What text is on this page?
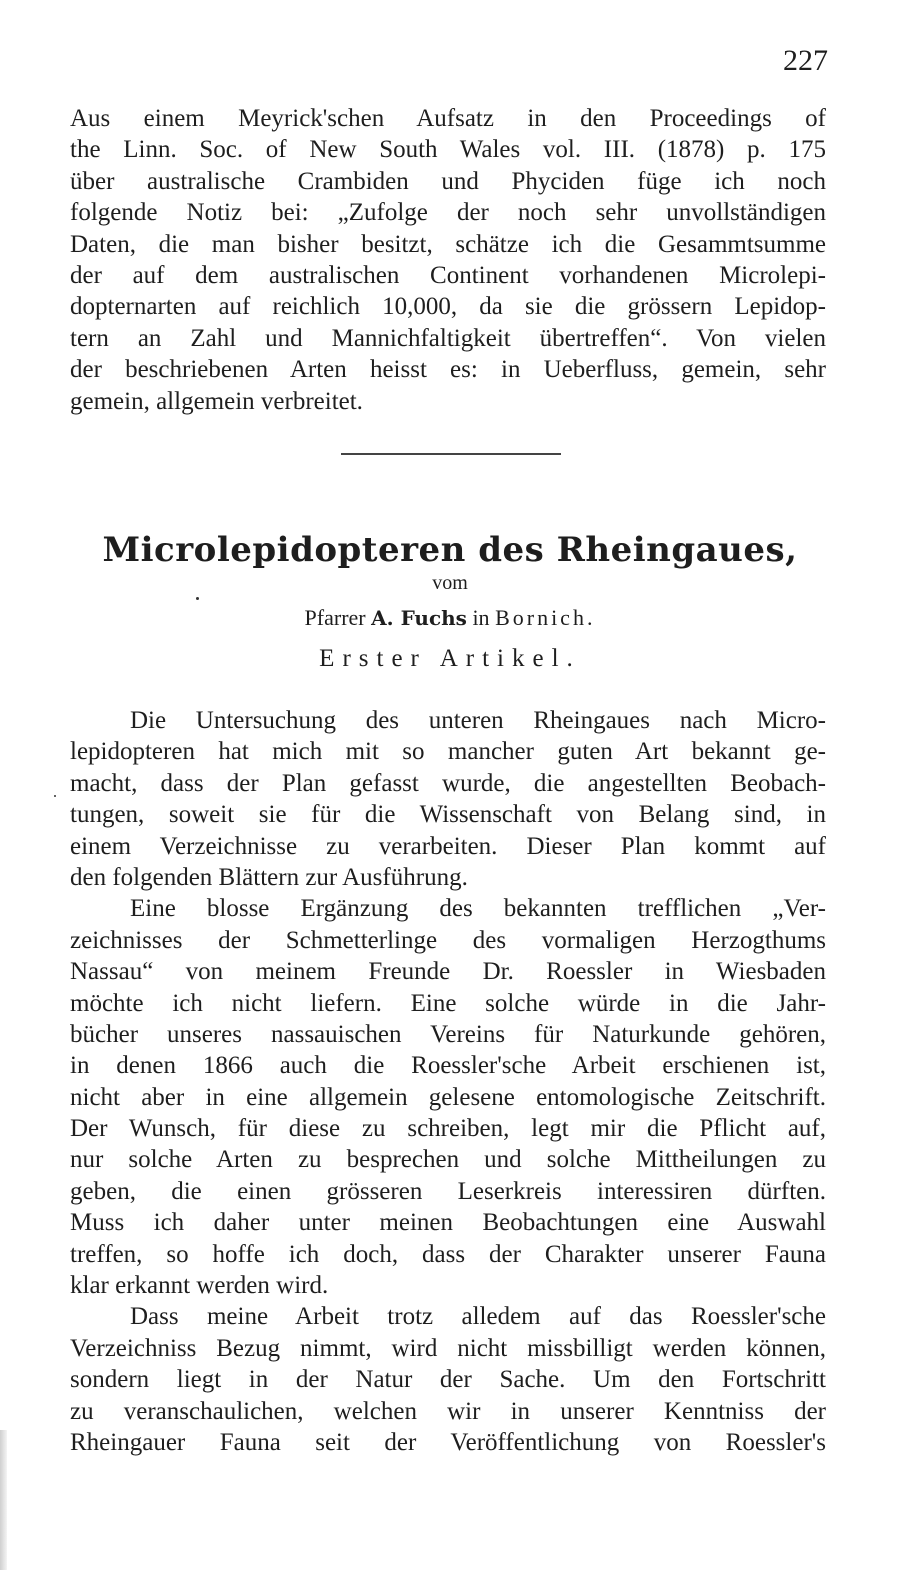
227
Aus einem Meyrick'schen Aufsatz in den Proceedings of
the Linn. Soc. of New South Wales vol. III. (1878) p. 175
über australische Crambiden und Phyciden füge ich noch
folgende Notiz bei: „Zufolge der noch sehr unvollständigen
Daten, die man bisher besitzt, schätze ich die Gesammtsumme
der auf dem australischen Continent vorhandenen Microlepi-
dopternarten auf reichlich 10,000, da sie die grössern Lepidop-
tern an Zahl und Mannichfaltigkeit übertreffen“. Von vielen
der beschriebenen Arten heisst es: in Ueberfluss, gemein, sehr
gemein, allgemein verbreitet.
Microlepidopteren des Rheingaues,
vom
Pfarrer A. Fuchs in Bornich.
Erster Artikel.
Die Untersuchung des unteren Rheingaues nach Micro-
lepidopteren hat mich mit so mancher guten Art bekannt ge-
macht, dass der Plan gefasst wurde, die angestellten Beobach-
tungen, soweit sie für die Wissenschaft von Belang sind, in
einem Verzeichnisse zu verarbeiten. Dieser Plan kommt auf
den folgenden Blättern zur Ausführung.
Eine blosse Ergänzung des bekannten trefflichen „Ver-
zeichnisses der Schmetterlinge des vormaligen Herzogthums
Nassau“ von meinem Freunde Dr. Roessler in Wiesbaden
möchte ich nicht liefern. Eine solche würde in die Jahr-
bücher unseres nassauischen Vereins für Naturkunde gehören,
in denen 1866 auch die Roessler'sche Arbeit erschienen ist,
nicht aber in eine allgemein gelesene entomologische Zeitschrift.
Der Wunsch, für diese zu schreiben, legt mir die Pflicht auf,
nur solche Arten zu besprechen und solche Mittheilungen zu
geben, die einen grösseren Leserkreis interessiren dürften.
Muss ich daher unter meinen Beobachtungen eine Auswahl
treffen, so hoffe ich doch, dass der Charakter unserer Fauna
klar erkannt werden wird.
Dass meine Arbeit trotz alledem auf das Roessler'sche
Verzeichniss Bezug nimmt, wird nicht missbilligt werden können,
sondern liegt in der Natur der Sache. Um den Fortschritt
zu veranschaulichen, welchen wir in unserer Kenntniss der
Rheingauer Fauna seit der Veröffentlichung von Roessler's
